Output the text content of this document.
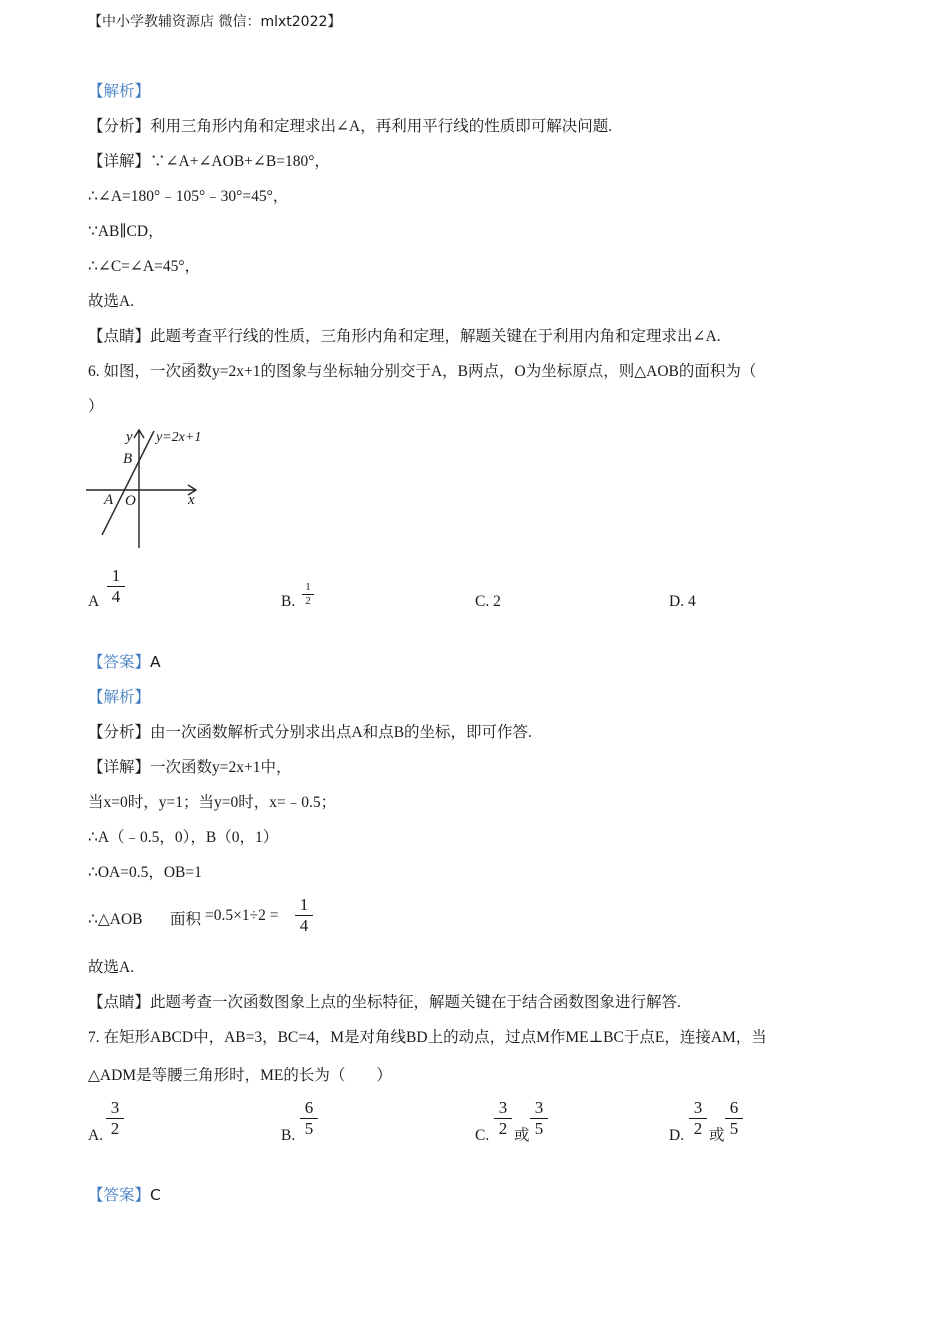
【中小学教辅资源店 微信：mlxt2022】
【解析】
【分析】利用三角形内角和定理求出∠A，再利用平行线的性质即可解决问题.
【详解】∵∠A+∠AOB+∠B=180°，
∴∠A=180°﹣105°﹣30°=45°，
∵AB∥CD，
∴∠C=∠A=45°，
故选A.
【点睛】此题考查平行线的性质，三角形内角和定理，解题关键在于利用内角和定理求出∠A.
6. 如图，一次函数y=2x+1的图象与坐标轴分别交于A，B两点，O为坐标原点，则△AOB的面积为（
）
y y=2x+1
x
B
A O
A
1
4	B.
1
2	C. 2	D. 4
【答案】A
【解析】
【分析】由一次函数解析式分别求出点A和点B的坐标，即可作答.
【详解】一次函数y=2x+1中，
当x=0时，y=1；当y=0时，x=﹣0.5；
∴A（﹣0.5，0），B（0，1）
∴OA=0.5，OB=1
∴△AOB 面积 =0.5×1÷2 =
1
4
故选A.
【点睛】此题考查一次函数图象上点的坐标特征，解题关键在于结合函数图象进行解答.
7. 在矩形ABCD中，AB=3，BC=4，M是对角线BD上的动点，过点M作ME⊥BC于点E，连接AM，当
△ADM是等腰三角形时，ME的长为（　　）
A.
3
2	B.
6
5	C.
3
2 或
3
5	D.
3
2 或
6
5
【答案】C
